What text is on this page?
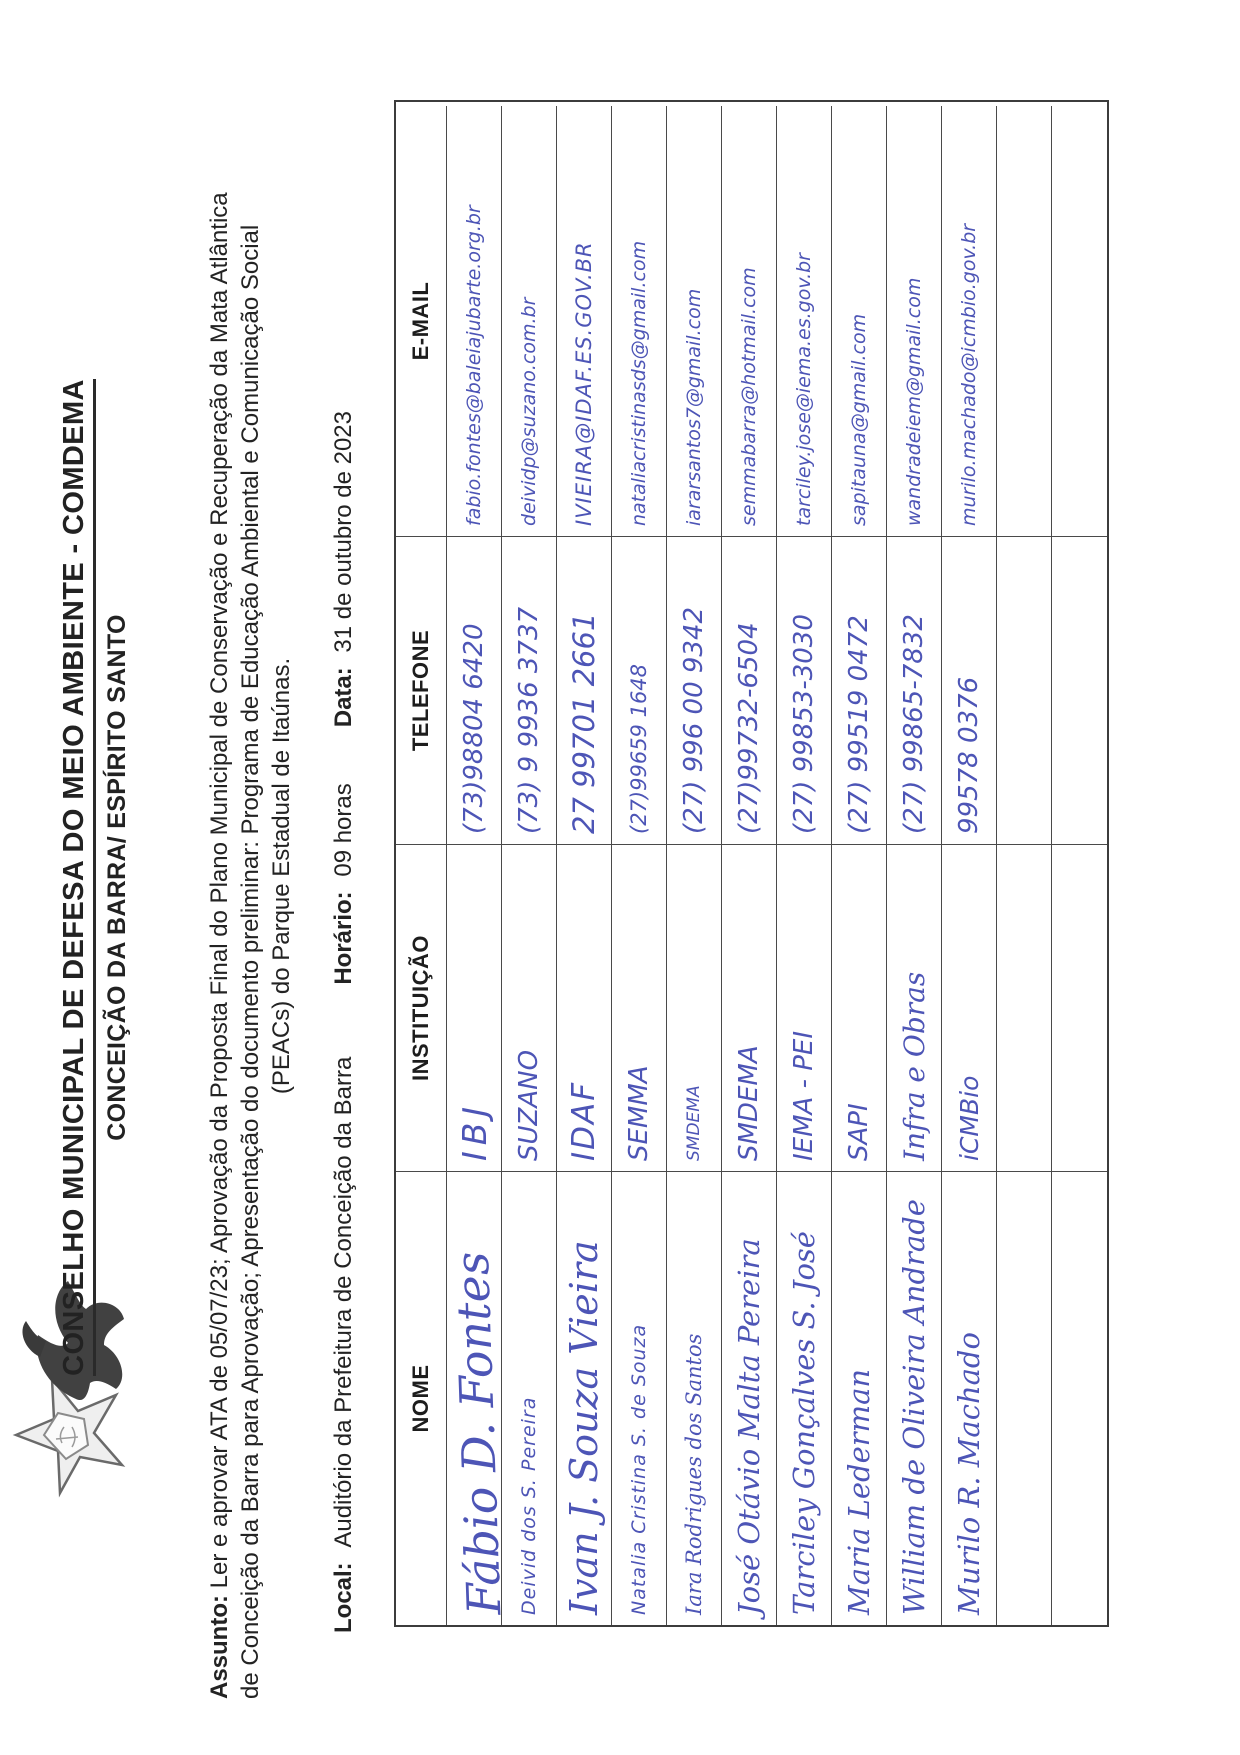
CONSELHO MUNICIPAL DE DEFESA DO MEIO AMBIENTE - COMDEMA CONCEIÇÃO DA BARRA/ ESPÍRITO SANTO
Assunto: Ler e aprovar ATA de 05/07/23; Aprovação da Proposta Final do Plano Municipal de Conservação e Recuperação da Mata Atlântica de Conceição da Barra para Aprovação; Apresentação do documento preliminar: Programa de Educação Ambiental e Comunicação Social (PEACs) do Parque Estadual de Itaúnas.
Local: Auditório da Prefeitura de Conceição da Barra
Horário: 09 horas
Data: 31 de outubro de 2023
NOME
INSTITUIÇÃO
TELEFONE
E-MAIL
Fábio D. Fontes
IBJ
(73)98804 6420
fabio.fontes@baleiajubarte.org.br
Deivid dos S. Pereira
SUZANO
(73) 9 9936 3737
deividp@suzano.com.br
Ivan J. Souza Vieira
IDAF
27 99701 2661
IVIEIRA@IDAF.ES.GOV.BR
Natalia Cristina S. de Souza
SEMMA
(27)99659 1648
nataliacristinasds@gmail.com
Iara Rodrigues dos Santos
SMDEMA
(27) 996 00 9342
iararsantos7@gmail.com
José Otávio Malta Pereira
SMDEMA
(27)99732-6504
semmabarra@hotmail.com
Tarciley Gonçalves S. José
IEMA - PEI
(27) 99853-3030
tarciley.jose@iema.es.gov.br
Maria Lederman
SAPI
(27) 99519 0472
sapitauna@gmail.com
William de Oliveira Andrade
Infra e Obras
(27) 99865-7832
wandradeiem@gmail.com
Murilo R. Machado
iCMBio
99578 0376
murilo.machado@icmbio.gov.br
